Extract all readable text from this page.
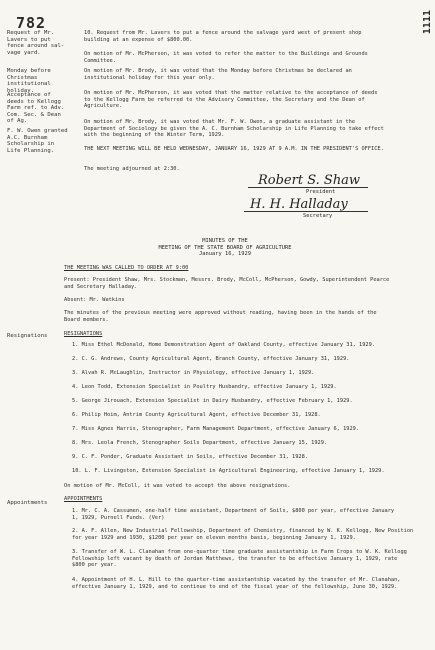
782	1111
Request of Mr. Lavers to put fence around sal-vage yard.
Monday before Christmas institutional holiday.
Acceptance of deeds to Kellogg Farm ref. to Adv. Com. Sec. & Dean of Ag.
F. W. Owen granted A.C. Burnham Scholarship in Life Planning.
10. Request from Mr. Lavers to put a fence around the salvage yard west of present shop building at an expense of $800.00.
On motion of Mr. McPherson, it was voted to refer the matter to the Buildings and Grounds Committee.
On motion of Mr. Brody, it was voted that the Monday before Christmas be declared an institutional holiday for this year only.
On motion of Mr. McPherson, it was voted that the matter relative to the acceptance of deeds to the Kellogg Farm be referred to the Advisory Committee, the Secretary and the Dean of Agriculture.
On motion of Mr. Brody, it was voted that Mr. F. W. Owen, a graduate assistant in the Department of Sociology be given the A. C. Burnham Scholarship in Life Planning to take effect with the beginning of the Winter Term, 1929.
THE NEXT MEETING WILL BE HELD WEDNESDAY, JANUARY 16, 1929 AT 9 A.M. IN THE PRESIDENT'S OFFICE.
The meeting adjourned at 2:30.
Robert S. Shaw
President
H. H. Halladay
Secretary
MINUTES OF THE
MEETING OF THE STATE BOARD OF AGRICULTURE
January 16, 1929
THE MEETING WAS CALLED TO ORDER AT 9:00
Present: President Shaw, Mrs. Stockman, Messrs. Brody, McColl, McPherson, Gowdy, Superintendent Pearce and Secretary Halladay.
Absent: Mr. Watkins
The minutes of the previous meeting were approved without reading, having been in the hands of the Board members.
Resignations	RESIGNATIONS
1. Miss Ethel McDonald, Home Demonstration Agent of Oakland County, effective January 31, 1929.
2. C. G. Andrews, County Agricultural Agent, Branch County, effective January 31, 1929.
3. Alvah R. McLaughlin, Instructor in Physiology, effective January 1, 1929.
4. Leon Todd, Extension Specialist in Poultry Husbandry, effective January 1, 1929.
5. George Jirouach, Extension Specialist in Dairy Husbandry, effective February 1, 1929.
6. Philip Hoim, Antrim County Agricultural Agent, effective December 31, 1928.
7. Miss Agnes Harris, Stenographer, Farm Management Department, effective January 6, 1929.
8. Mrs. Leola French, Stenographer Soils Department, effective January 15, 1929.
9. C. F. Ponder, Graduate Assistant in Soils, effective December 31, 1928.
10. L. F. Livingston, Extension Specialist in Agricultural Engineering, effective January 1, 1929.
On motion of Mr. McColl, it was voted to accept the above resignations.
Appointments
APPOINTMENTS
1. Mr. C. A. Cassumen, one-half time assistant, Department of Soils, $800 per year, effective January 1, 1929, Purnell Funds. (Ver)
2. A. F. Allen, New Industrial Fellowship, Department of Chemistry, financed by W. K. Kellogg, New Position for year 1929 and 1930, $1200 per year on eleven months basis, beginning January 1, 1929.
3. Transfer of W. L. Clanahan from one-quarter time graduate assistantship in Farm Crops to W. K. Kellogg Fellowship left vacant by death of Jordan Matthews, the transfer to be effective January 1, 1929, rate $800 per year.
4. Appointment of H. L. Hill to the quarter-time assistantship vacated by the transfer of Mr. Clanahan, effective January 1, 1929, and to continue to end of the fiscal year of the fellowship, June 30, 1929.
